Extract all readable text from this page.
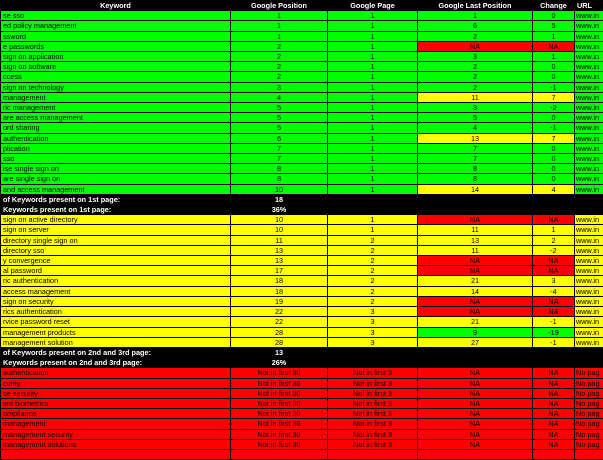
Keyword	Google Position	Google Page	Google Last Position	Change	URL
se sso	1	1	1	0	www.in
ed policy management	1	1	6	5	www.in
ssword	1	1	2	1	www.in
e passwords	2	1	NA	NA	www.in
sign on application	2	1	3	1	www.in
sign on software	2	1	2	0	www.in
ccess	2	1	2	0	www.in
sign on technology	3	1	2	-1	www.in
management	4	1	11	7	www.in
ric management	5	1	3	-2	www.in
are access management	5	1	5	0	www.in
ord sharing	5	1	4	-1	www.in
authentication	6	1	13	7	www.in
plication	7	1	7	0	www.in
sso	7	1	7	0	www.in
ise single sign on	8	1	8	0	www.in
are single sign on	8	1	8	0	www.in
and access management	10	1	14	4	www.in
of Keywords present on 1st page:	18				
Keywords present on 1st page:	36%				
sign on active directory	10	1	NA	NA	www.in
sign on server	10	1	11	1	www.in
directory single sign on	11	2	13	2	www.in
directory sso	13	2	11	-2	www.in
y convergence	13	2	NA	NA	www.in
al password	17	2	NA	NA	www.in
ric authentication	18	2	21	3	www.in
access management	18	2	14	-4	www.in
sign on security	19	2	NA	NA	www.in
rics authentication	22	3	NA	NA	www.in
rvice password reset	22	3	21	-1	www.in
management products	28	3	9	-19	www.in
management solution	28	3	27	-1	www.in
of Keywords present on 2nd and 3rd page:	13				
Keywords present on 2nd and 3rd page:	26%				
authentication	Not in first 30	Not in first 3	NA	NA	No pag
curity	Not in first 30	Not in first 3	NA	NA	No pag
se security	Not in first 30	Not in first 3	NA	NA	No pag
ent biometrics	Not in first 30	Not in first 3	NA	NA	No pag
ompliance	Not in first 30	Not in first 3	NA	NA	No pag
management	Not in first 30	Not in first 3	NA	NA	No pag
management security	Not in first 30	Not in first 3	NA	NA	No pag
management solutions	Not in first 30	Not in first 3	NA	NA	No pag
